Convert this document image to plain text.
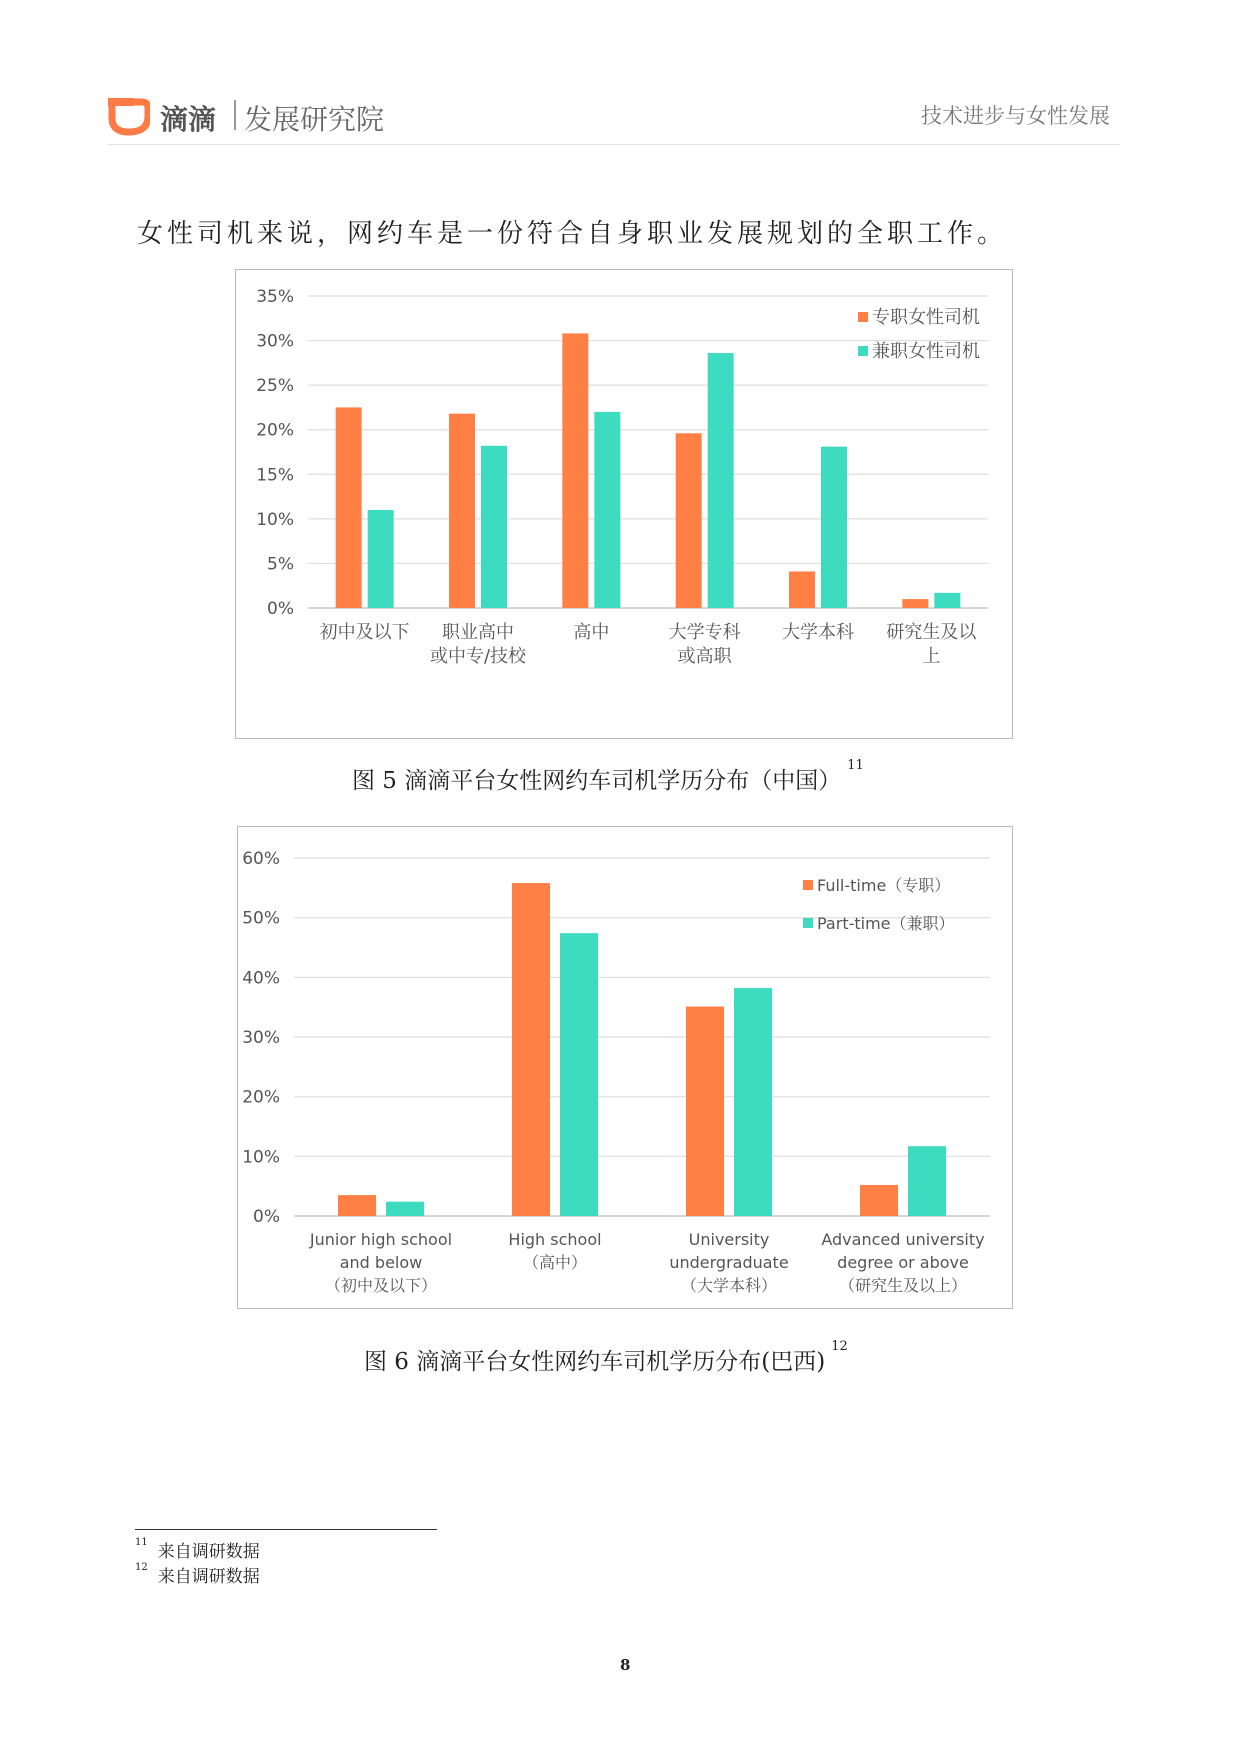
滴滴 发展研究院	技术进步与女性发展
女性司机来说，网约车是一份符合自身职业发展规划的全职工作。
0%
5%
10%
15%
20%
25%
30%
35%
初中及以下 职业高中
或中专/技校
高中	大学专科
或高职
大学本科 研究生及以
上
专职女性司机
兼职女性司机
图 5 滴滴平台女性网约车司机学历分布（中国）$^{11}$
0%
10%
20%
30%
40%
50%
60%
Junior high school
and below
（初中及以下）
High school
（高中）
University
undergraduate
（大学本科）
Advanced university
degree or above
（研究生及以上）
Full-time（专职）
Part-time（兼职）
图 6 滴滴平台女性网约车司机学历分布(巴西)$^{12}$
$^{11}$ 来自调研数据
$^{12}$ 来自调研数据
8
